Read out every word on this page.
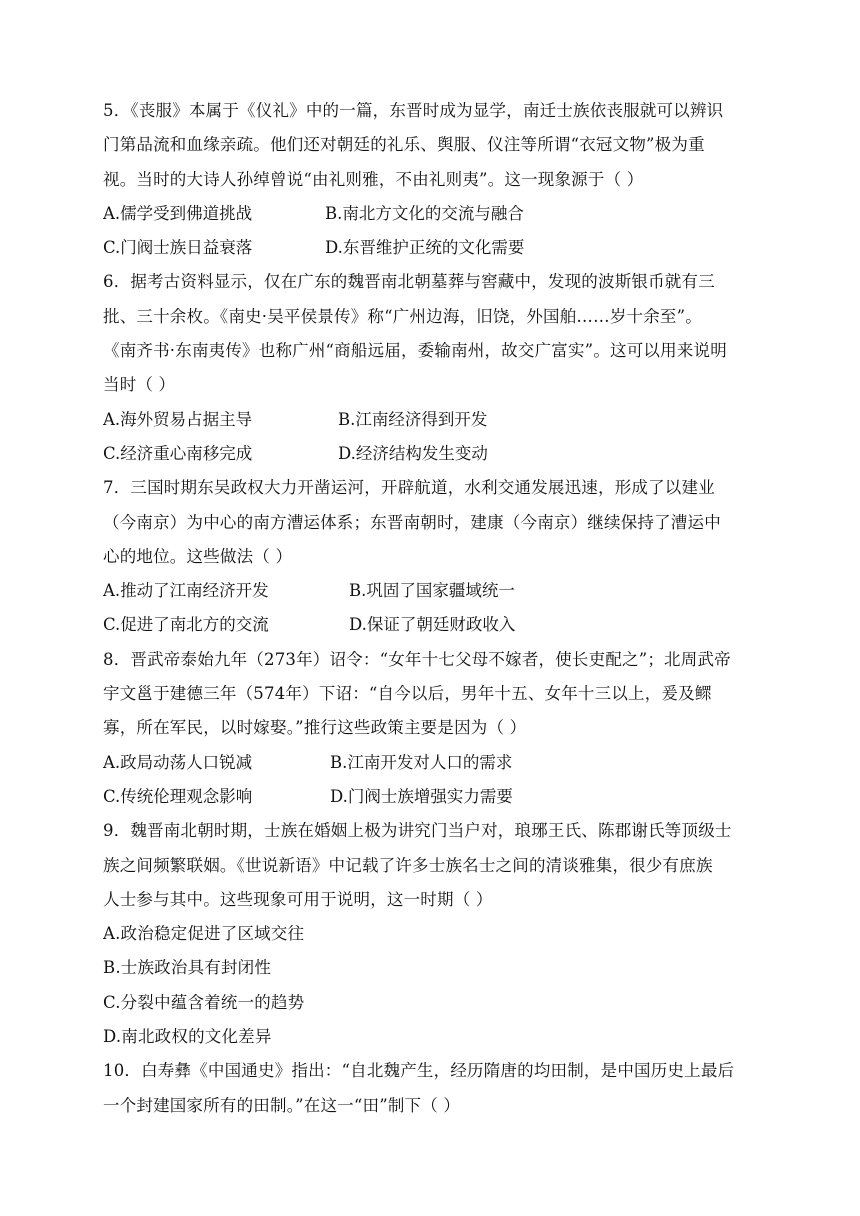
5．《丧服》本属于《仪礼》中的一篇，东晋时成为显学，南迁士族依丧服就可以辨识
门第品流和血缘亲疏。他们还对朝廷的礼乐、舆服、仪注等所谓“衣冠文物”极为重
视。当时的大诗人孙绰曾说“由礼则雅，不由礼则夷”。这一现象源于（ ）
A.儒学受到佛道挑战	B.南北方文化的交流与融合
C.门阀士族日益衰落	D.东晋维护正统的文化需要
6．据考古资料显示，仅在广东的魏晋南北朝墓葬与窖藏中，发现的波斯银币就有三
批、三十余枚。《南史·吴平侯景传》称“广州边海，旧饶，外国舶……岁十余至”。
《南齐书·东南夷传》也称广州“商船远届，委输南州，故交广富实”。这可以用来说明
当时（ ）
A.海外贸易占据主导	B.江南经济得到开发
C.经济重心南移完成	D.经济结构发生变动
7．三国时期东吴政权大力开凿运河，开辟航道，水利交通发展迅速，形成了以建业
（今南京）为中心的南方漕运体系；东晋南朝时，建康（今南京）继续保持了漕运中
心的地位。这些做法（ ）
A.推动了江南经济开发	B.巩固了国家疆域统一
C.促进了南北方的交流	D.保证了朝廷财政收入
8．晋武帝泰始九年（273年）诏令：“女年十七父母不嫁者，使长吏配之”；北周武帝
宇文邕于建德三年（574年）下诏：“自今以后，男年十五、女年十三以上，爰及鳏
寡，所在军民，以时嫁娶。”推行这些政策主要是因为（ ）
A.政局动荡人口锐减	B.江南开发对人口的需求
C.传统伦理观念影响	D.门阀士族增强实力需要
9．魏晋南北朝时期，士族在婚姻上极为讲究门当户对，琅琊王氏、陈郡谢氏等顶级士
族之间频繁联姻。《世说新语》中记载了许多士族名士之间的清谈雅集，很少有庶族
人士参与其中。这些现象可用于说明，这一时期（ ）
A.政治稳定促进了区域交往
B.士族政治具有封闭性
C.分裂中蕴含着统一的趋势
D.南北政权的文化差异
10．白寿彝《中国通史》指出：“自北魏产生，经历隋唐的均田制，是中国历史上最后
一个封建国家所有的田制。”在这一“田”制下（ ）
